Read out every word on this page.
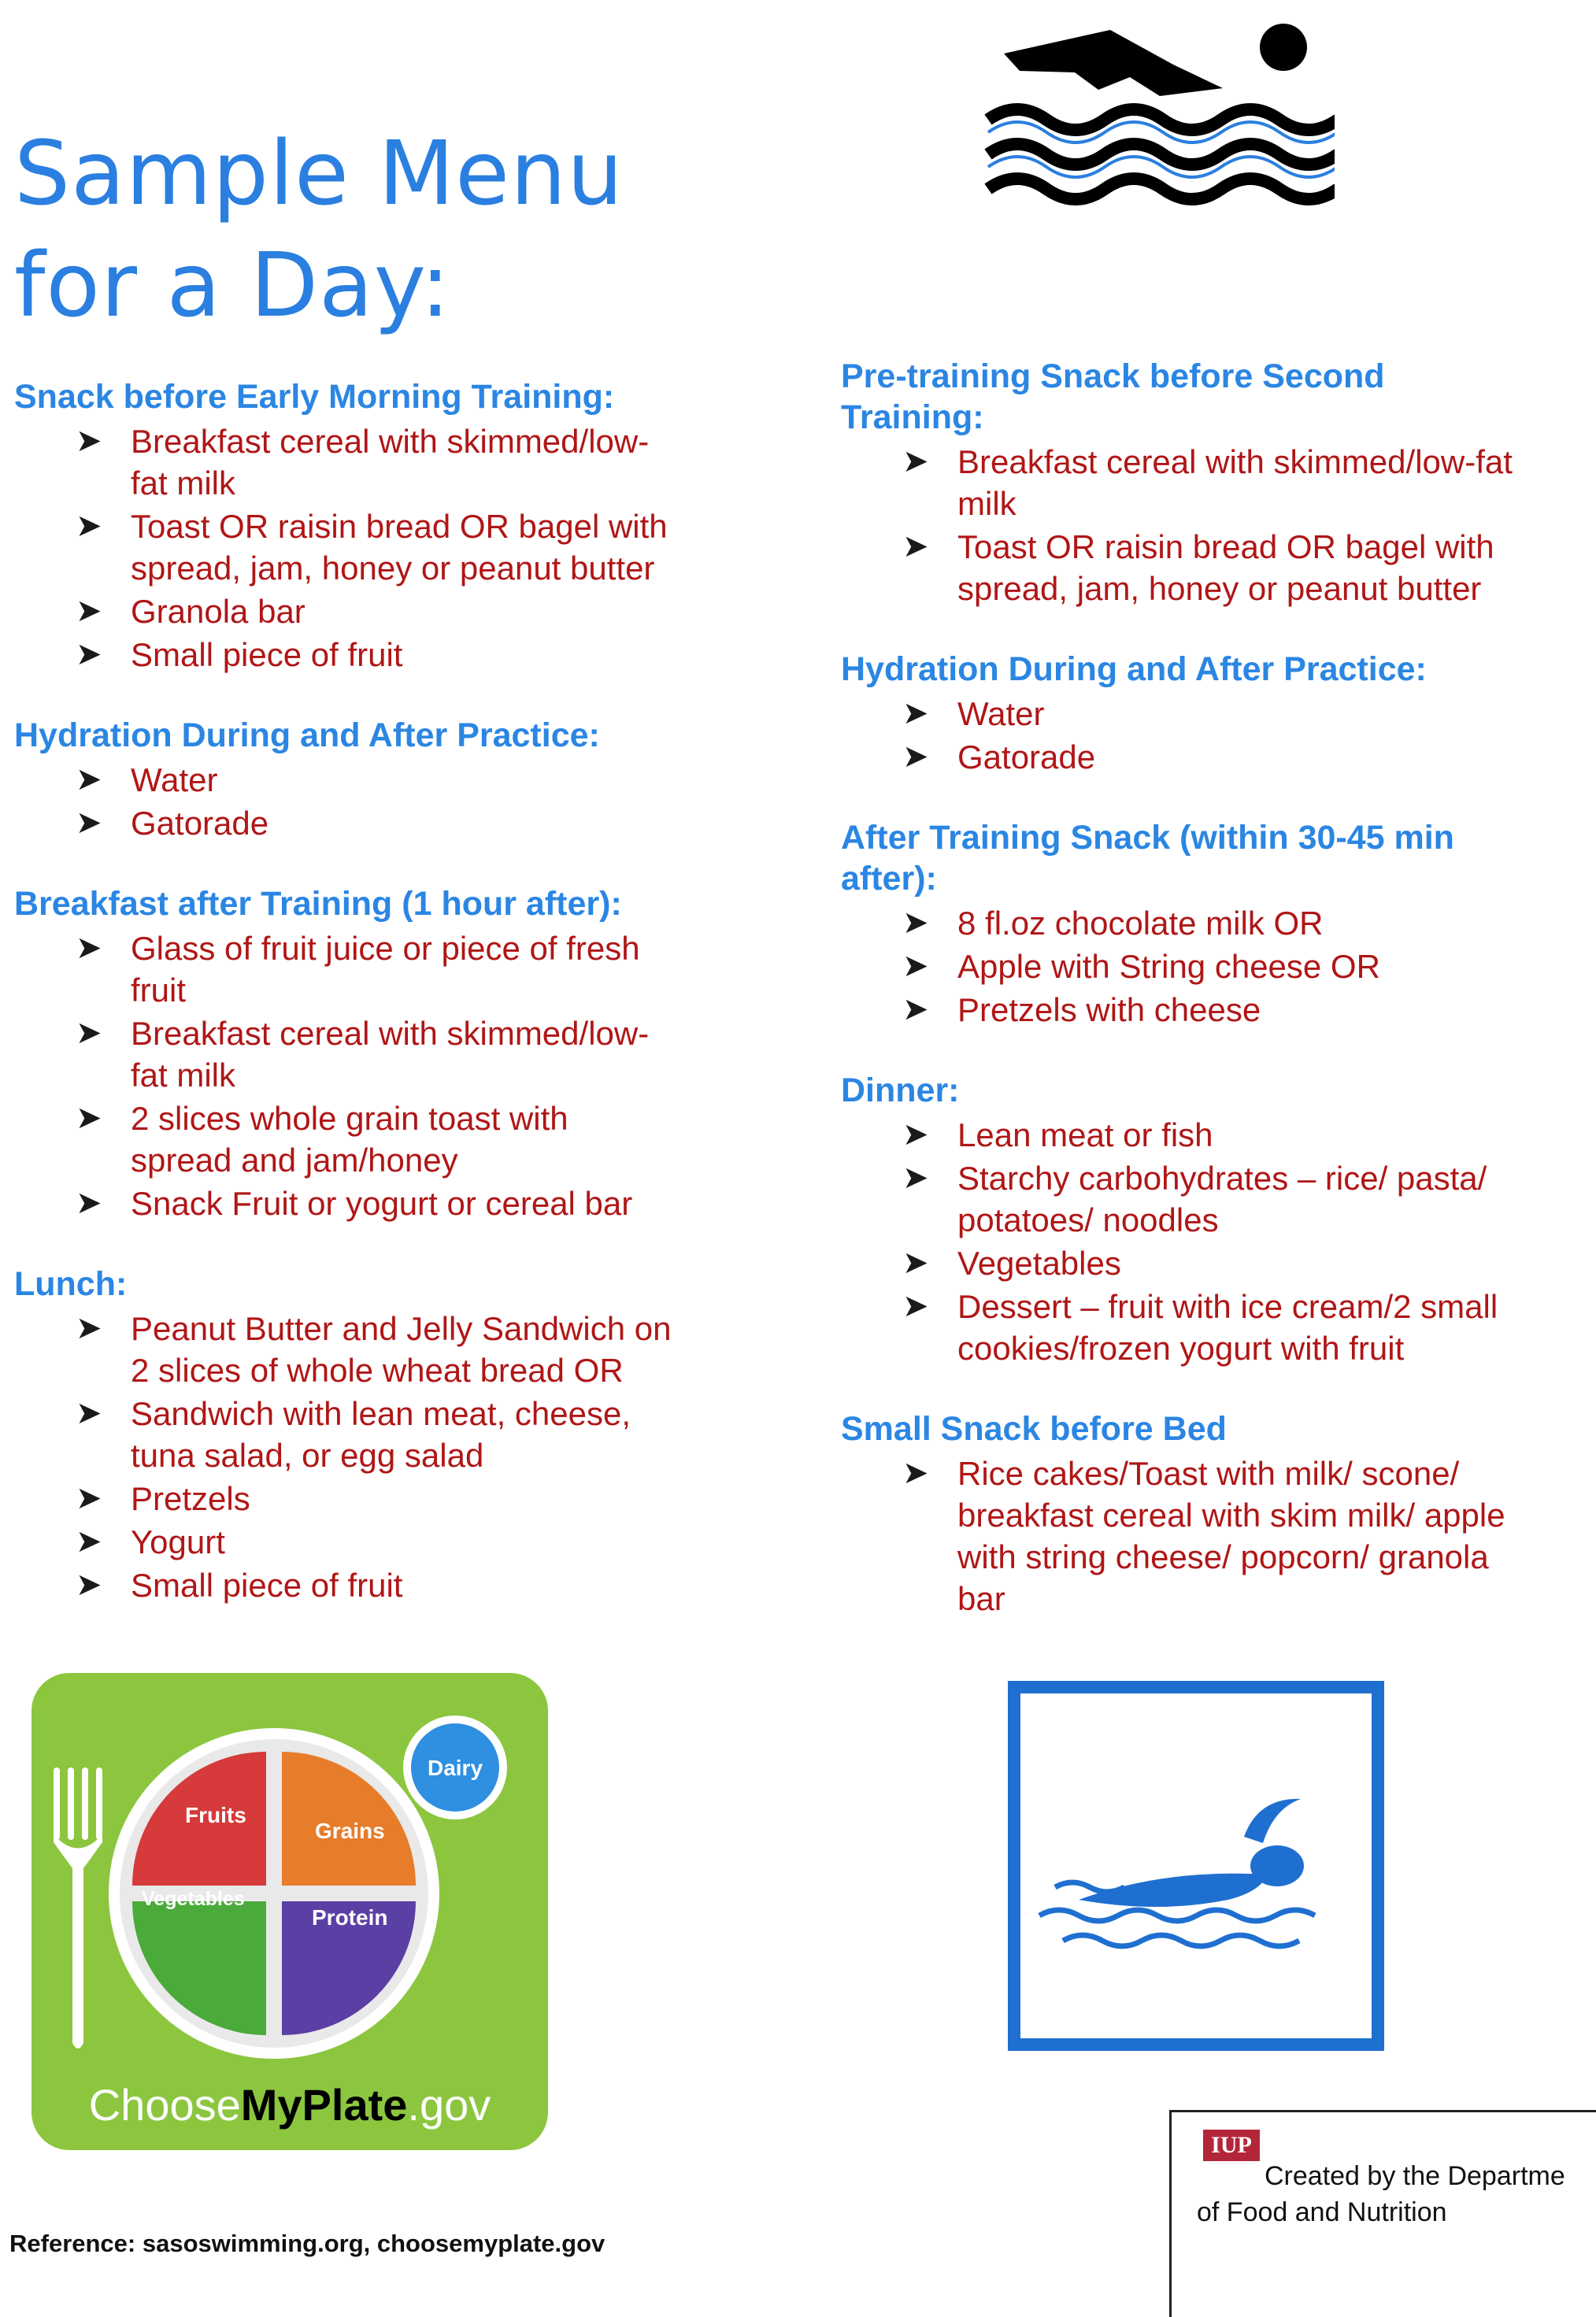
Sample Menu
for a Day:
Snack before Early Morning Training:
➤ Breakfast cereal with skimmed/low-fat milk
➤ Toast OR raisin bread OR bagel with spread, jam, honey or peanut butter
➤ Granola bar
➤ Small piece of fruit
Hydration During and After Practice:
➤ Water
➤ Gatorade
Breakfast after Training (1 hour after):
➤ Glass of fruit juice or piece of fresh fruit
➤ Breakfast cereal with skimmed/low-fat milk
➤ 2 slices whole grain toast with spread and jam/honey
➤ Snack Fruit or yogurt or cereal bar
Lunch:
➤ Peanut Butter and Jelly Sandwich on 2 slices of whole wheat bread OR
➤ Sandwich with lean meat, cheese, tuna salad, or egg salad
➤ Pretzels
➤ Yogurt
➤ Small piece of fruit
Pre-training Snack before Second Training:
➤ Breakfast cereal with skimmed/low-fat milk
➤ Toast OR raisin bread OR bagel with spread, jam, honey or peanut butter
Hydration During and After Practice:
➤ Water
➤ Gatorade
After Training Snack (within 30-45 min after):
➤ 8 fl.oz chocolate milk OR
➤ Apple with String cheese OR
➤ Pretzels with cheese
Dinner:
➤ Lean meat or fish
➤ Starchy carbohydrates – rice/ pasta/ potatoes/ noodles
➤ Vegetables
➤ Dessert – fruit with ice cream/2 small cookies/frozen yogurt with fruit
Small Snack before Bed
➤ Rice cakes/Toast with milk/ scone/ breakfast cereal with skim milk/ apple with string cheese/ popcorn/ granola bar
Fruits
Grains
Vegetables
Protein
Dairy
ChooseMyPlate.gov
Reference: sasoswimming.org, choosemyplate.gov
IUP
Created by the Departme
of Food and Nutrition
